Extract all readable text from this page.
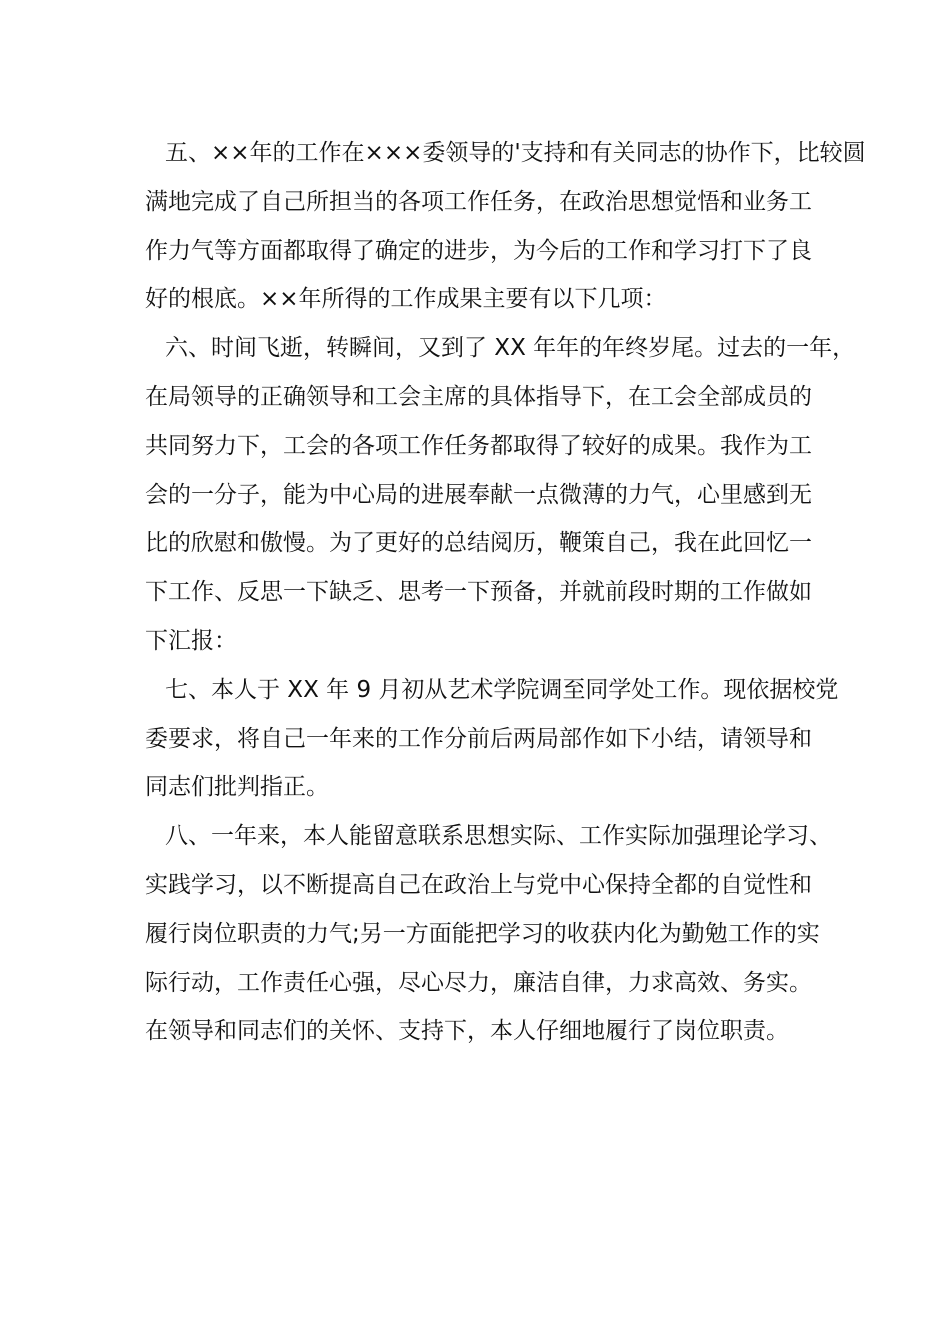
五、××年的工作在×××委领导的'支持和有关同志的协作下，比较圆
满地完成了自己所担当的各项工作任务，在政治思想觉悟和业务工
作力气等方面都取得了确定的进步，为今后的工作和学习打下了良
好的根底。××年所得的工作成果主要有以下几项：

六、时间飞逝，转瞬间，又到了 XX 年年的年终岁尾。过去的一年，
在局领导的正确领导和工会主席的具体指导下，在工会全部成员的
共同努力下，工会的各项工作任务都取得了较好的成果。我作为工
会的一分子，能为中心局的进展奉献一点微薄的力气，心里感到无
比的欣慰和傲慢。为了更好的总结阅历，鞭策自己，我在此回忆一
下工作、反思一下缺乏、思考一下预备，并就前段时期的工作做如
下汇报：

七、本人于 XX 年 9 月初从艺术学院调至同学处工作。现依据校党
委要求，将自己一年来的工作分前后两局部作如下小结，请领导和
同志们批判指正。

八、一年来，本人能留意联系思想实际、工作实际加强理论学习、
实践学习，以不断提高自己在政治上与党中心保持全都的自觉性和
履行岗位职责的力气;另一方面能把学习的收获内化为勤勉工作的实
际行动，工作责任心强，尽心尽力，廉洁自律，力求高效、务实。
在领导和同志们的关怀、支持下，本人仔细地履行了岗位职责。
